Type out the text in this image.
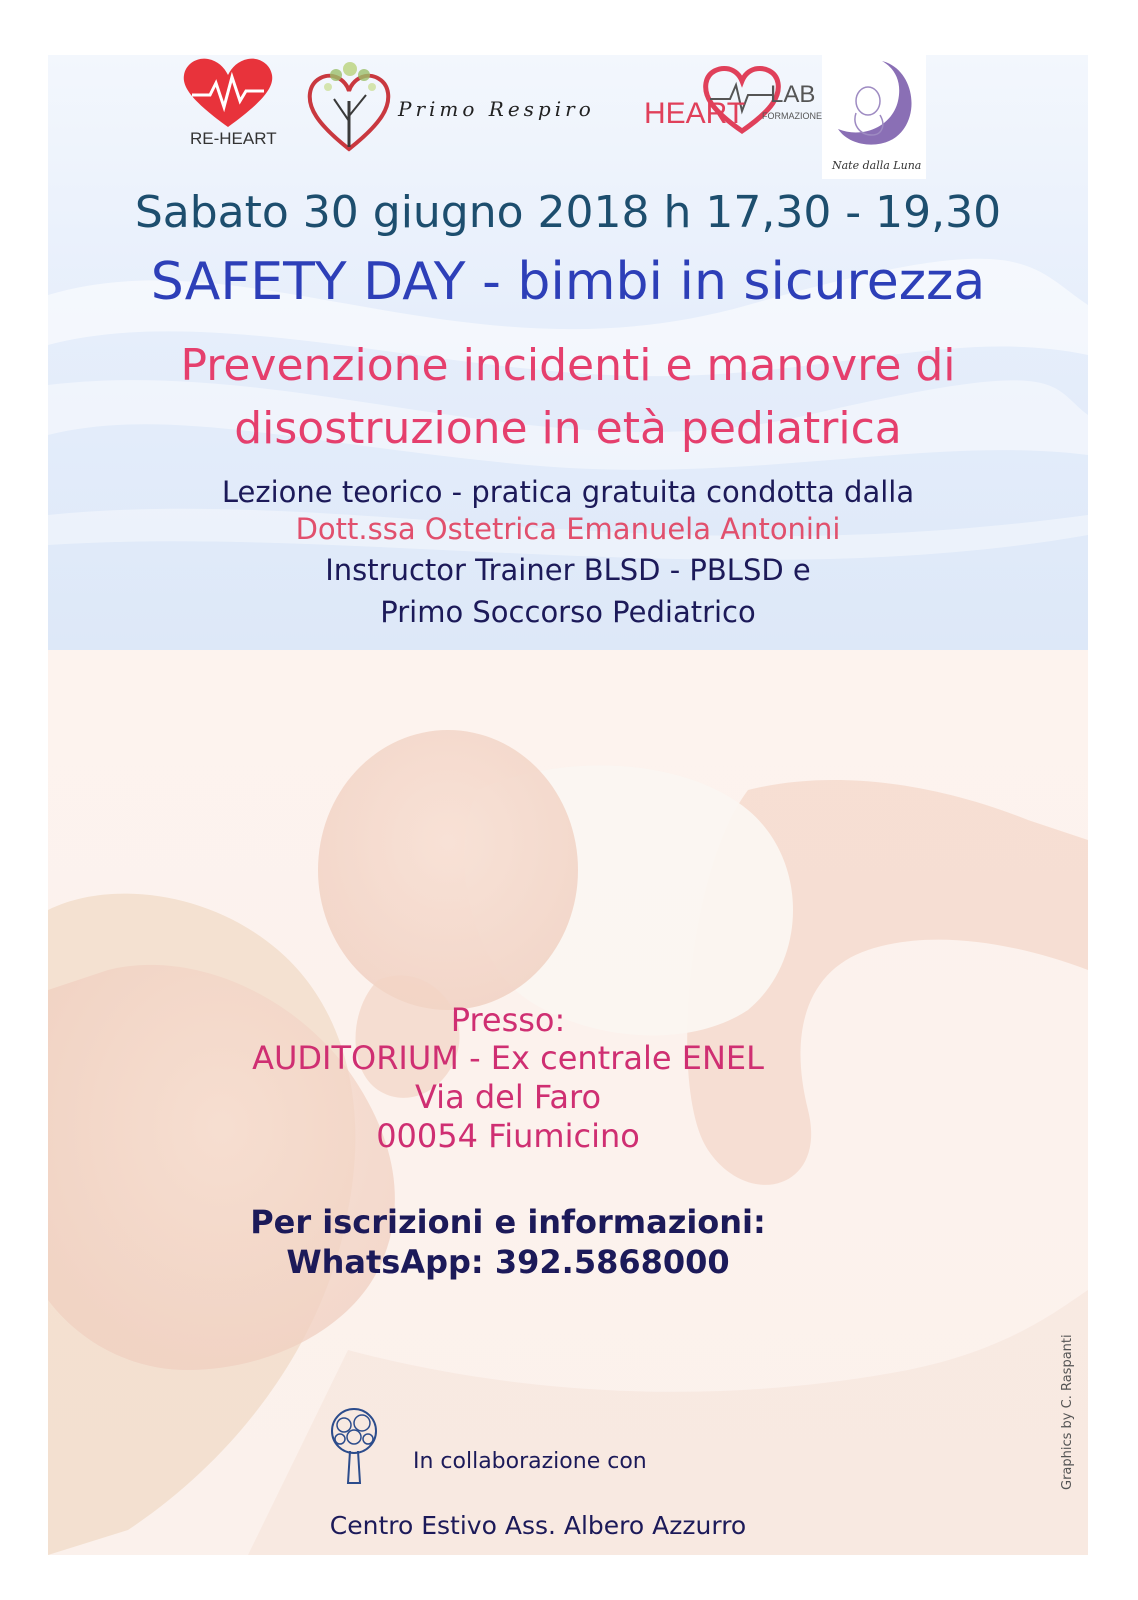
RE-HEART
Primo Respiro HEART
LAB
FORMAZIONE
Nate dalla Luna

Sabato 30 giugno 2018 h 17,30 - 19,30

SAFETY DAY - bimbi in sicurezza

Prevenzione incidenti e manovre di

disostruzione in età pediatrica

Lezione teorico - pratica gratuita condotta dalla

Dott.ssa Ostetrica Emanuela Antonini

Instructor Trainer BLSD - PBLSD e

Primo Soccorso Pediatrico

Presso:

AUDITORIUM - Ex centrale ENEL

Via del Faro

00054 Fiumicino

Per iscrizioni e informazioni:

WhatsApp: 392.5868000

In collaborazione con

Centro Estivo Ass. Albero Azzurro

Graphics by C. Raspanti
